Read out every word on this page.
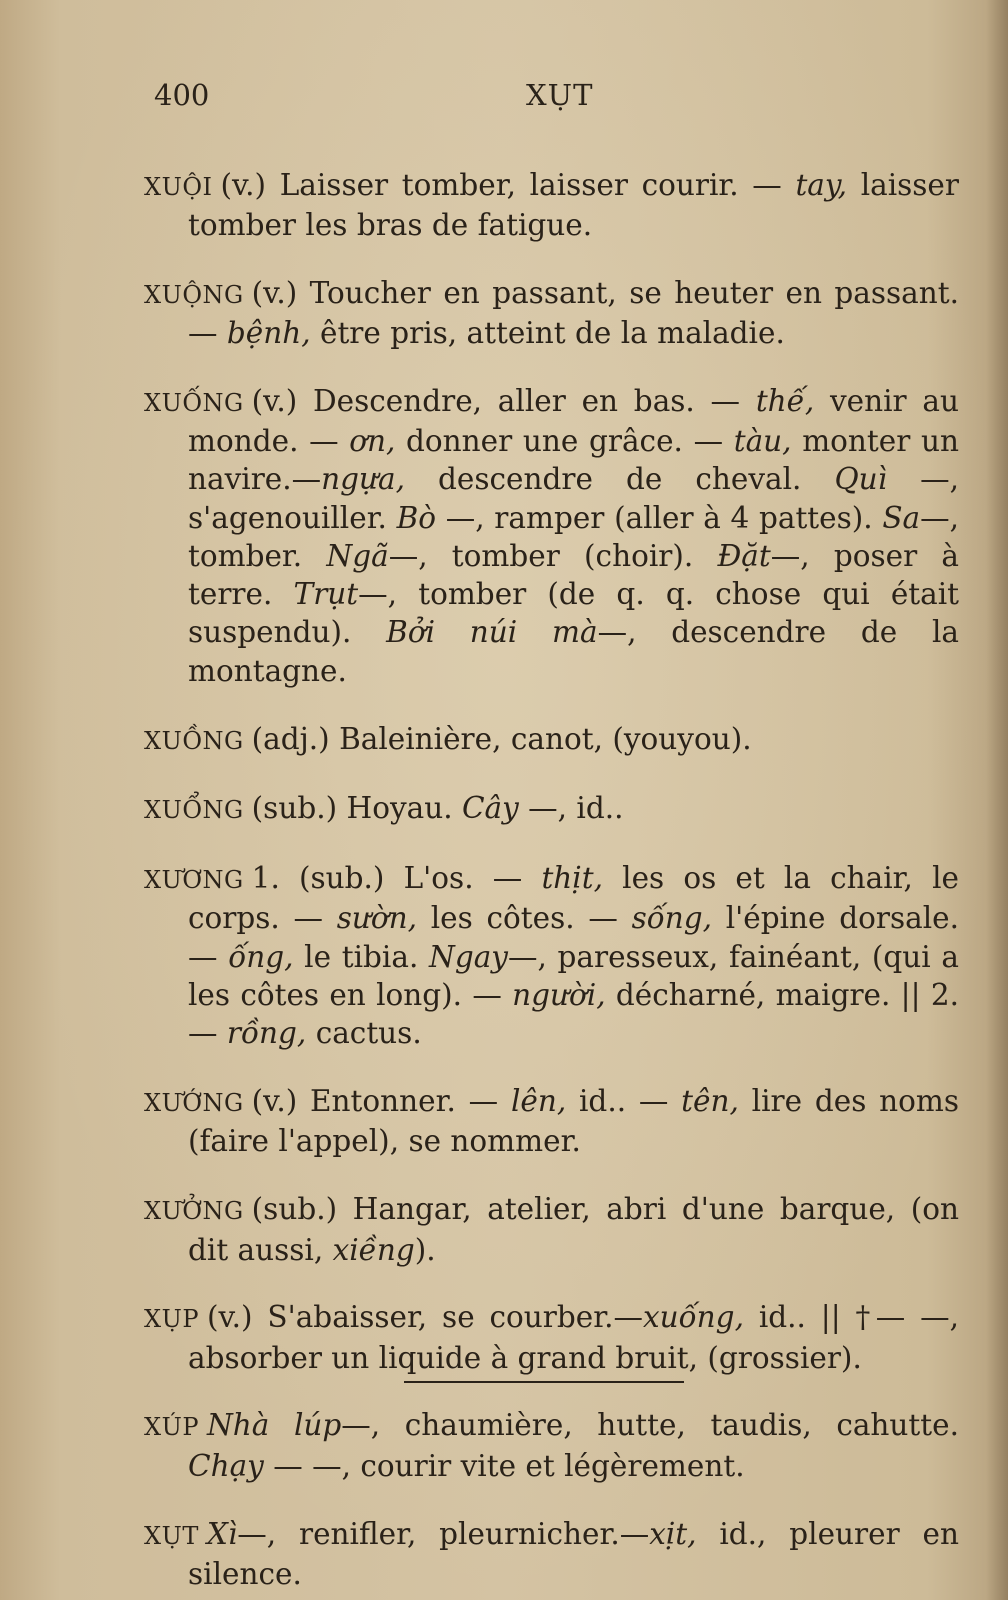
400	XỤT

XUỘI (v.) Laisser tomber, laisser courir. — tay, laisser tomber les bras de fatigue.

XUỘNG (v.) Toucher en passant, se heuter en passant. — bệnh, être pris, atteint de la maladie.

XUỐNG (v.) Descendre, aller en bas. — thế, venir au monde. — ơn, donner une grâce. — tàu, monter un navire.—ngựa, descendre de cheval. Quì —, s'agenouiller. Bò —, ramper (aller à 4 pattes). Sa—, tomber. Ngã—, tomber (choir). Đặt—, poser à terre. Trụt—, tomber (de q. q. chose qui était suspendu). Bởi núi mà—, descendre de la montagne.

XUỒNG (adj.) Baleinière, canot, (youyou).

XUỔNG (sub.) Hoyau. Cây —, id..

XƯƠNG 1. (sub.) L'os. — thịt, les os et la chair, le corps. — sườn, les côtes. — sống, l'épine dorsale. — ống, le tibia. Ngay—, paresseux, fainéant, (qui a les côtes en long). — người, décharné, maigre. || 2. — rồng, cactus.

XƯỚNG (v.) Entonner. — lên, id.. — tên, lire des noms (faire l'appel), se nommer.

XƯỞNG (sub.) Hangar, atelier, abri d'une barque, (on dit aussi, xiềng).

XỤP (v.) S'abaisser, se courber.—xuống, id.. || †— —, absorber un liquide à grand bruit, (grossier).

XÚP Nhà lúp—, chaumière, hutte, taudis, cahutte. Chạy — —, courir vite et légèrement.

XỤT Xì—, renifler, pleurnicher.—xịt, id., pleurer en silence.
